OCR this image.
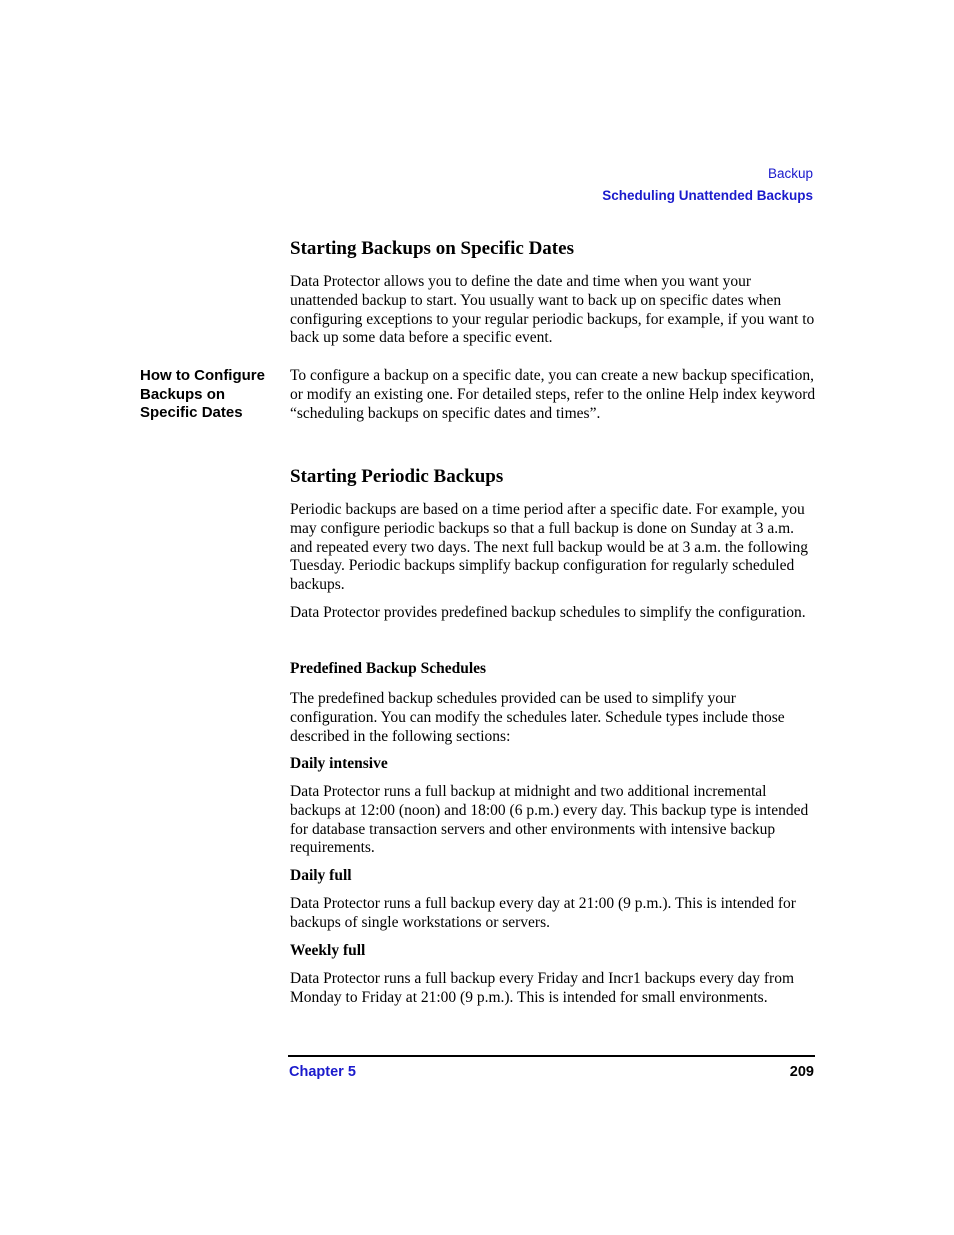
Backup
Scheduling Unattended Backups
How to Configure Backups on Specific Dates
Starting Backups on Specific Dates

Data Protector allows you to define the date and time when you want your unattended backup to start. You usually want to back up on specific dates when configuring exceptions to your regular periodic backups, for example, if you want to back up some data before a specific event.

To configure a backup on a specific date, you can create a new backup specification, or modify an existing one. For detailed steps, refer to the online Help index keyword “scheduling backups on specific dates and times”.

Starting Periodic Backups

Periodic backups are based on a time period after a specific date. For example, you may configure periodic backups so that a full backup is done on Sunday at 3 a.m. and repeated every two days. The next full backup would be at 3 a.m. the following Tuesday. Periodic backups simplify backup configuration for regularly scheduled backups.

Data Protector provides predefined backup schedules to simplify the configuration.

Predefined Backup Schedules

The predefined backup schedules provided can be used to simplify your configuration. You can modify the schedules later. Schedule types include those described in the following sections:

Daily intensive

Data Protector runs a full backup at midnight and two additional incremental backups at 12:00 (noon) and 18:00 (6 p.m.) every day. This backup type is intended for database transaction servers and other environments with intensive backup requirements.

Daily full

Data Protector runs a full backup every day at 21:00 (9 p.m.). This is intended for backups of single workstations or servers.

Weekly full

Data Protector runs a full backup every Friday and Incr1 backups every day from Monday to Friday at 21:00 (9 p.m.). This is intended for small environments.

Chapter 5	209
